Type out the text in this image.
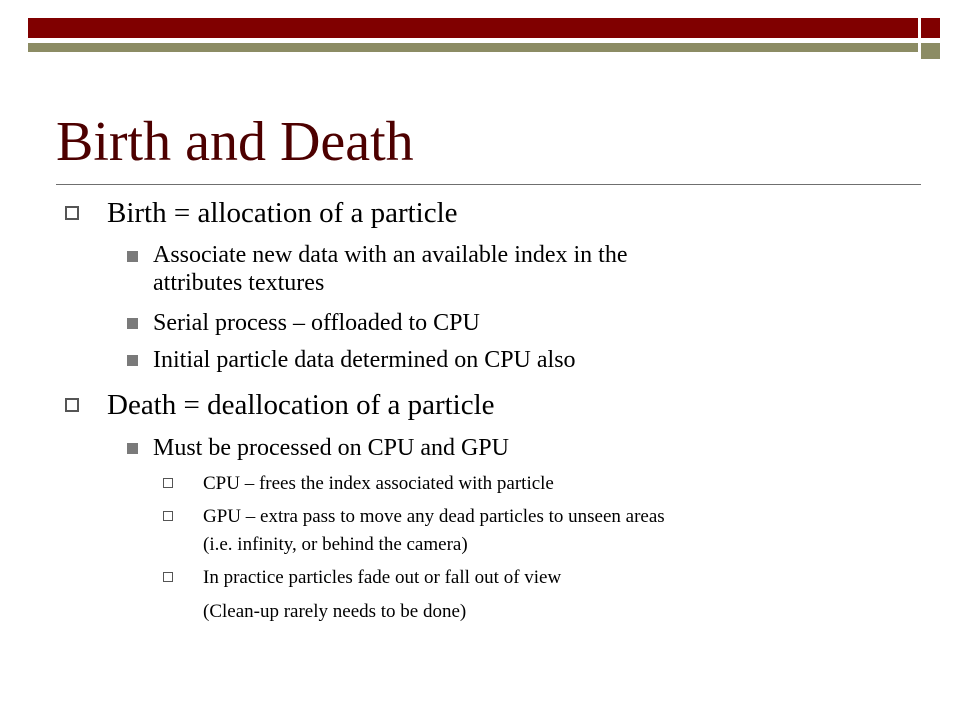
Birth and Death
Birth = allocation of a particle
Associate new data with an available index in the
attributes textures
Serial process – offloaded to CPU
Initial particle data determined on CPU also
Death = deallocation of a particle
Must be processed on CPU and GPU
CPU – frees the index associated with particle
GPU – extra pass to move any dead particles to unseen areas
(i.e. infinity, or behind the camera)
In practice particles fade out or fall out of view
(Clean-up rarely needs to be done)
